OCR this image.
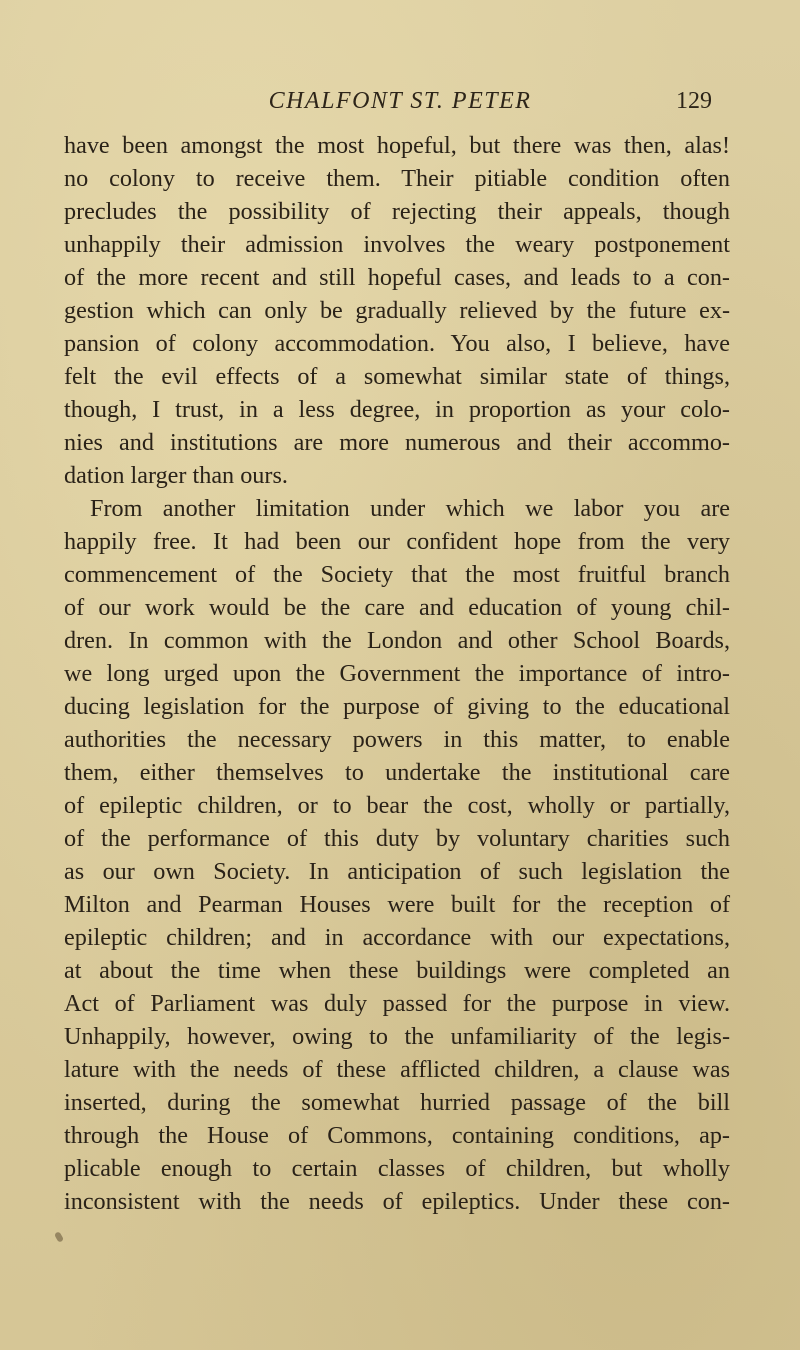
CHALFONT ST. PETER	129
have been amongst the most hopeful, but there was then, alas!
no colony to receive them. Their pitiable condition often
precludes the possibility of rejecting their appeals, though
unhappily their admission involves the weary postponement
of the more recent and still hopeful cases, and leads to a con-
gestion which can only be gradually relieved by the future ex-
pansion of colony accommodation. You also, I believe, have
felt the evil effects of a somewhat similar state of things,
though, I trust, in a less degree, in proportion as your colo-
nies and institutions are more numerous and their accommo-
dation larger than ours.
From another limitation under which we labor you are
happily free. It had been our confident hope from the very
commencement of the Society that the most fruitful branch
of our work would be the care and education of young chil-
dren. In common with the London and other School Boards,
we long urged upon the Government the importance of intro-
ducing legislation for the purpose of giving to the educational
authorities the necessary powers in this matter, to enable
them, either themselves to undertake the institutional care
of epileptic children, or to bear the cost, wholly or partially,
of the performance of this duty by voluntary charities such
as our own Society. In anticipation of such legislation the
Milton and Pearman Houses were built for the reception of
epileptic children; and in accordance with our expectations,
at about the time when these buildings were completed an
Act of Parliament was duly passed for the purpose in view.
Unhappily, however, owing to the unfamiliarity of the legis-
lature with the needs of these afflicted children, a clause was
inserted, during the somewhat hurried passage of the bill
through the House of Commons, containing conditions, ap-
plicable enough to certain classes of children, but wholly
inconsistent with the needs of epileptics. Under these con-
